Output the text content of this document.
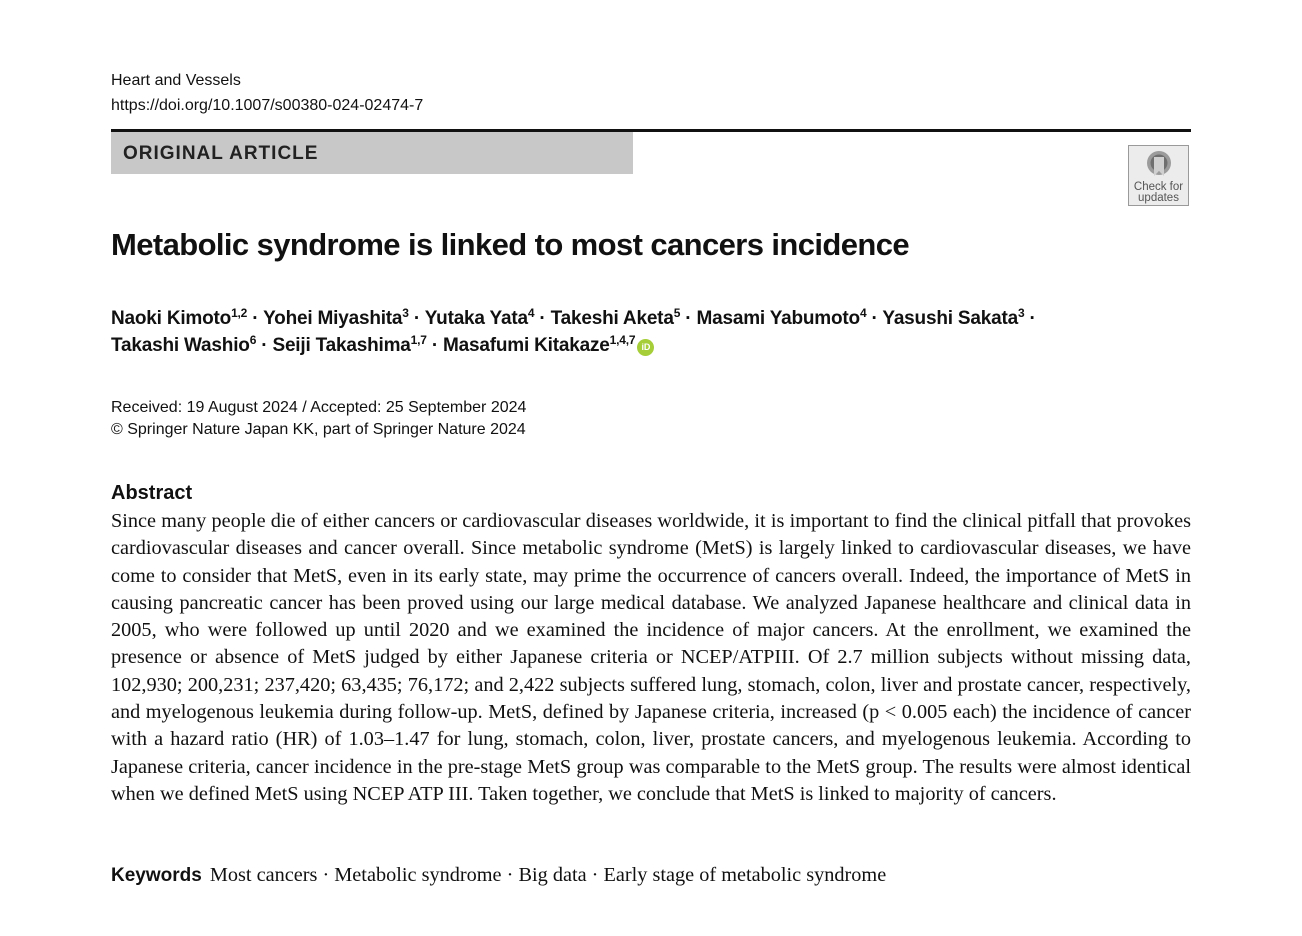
Heart and Vessels
https://doi.org/10.1007/s00380-024-02474-7
ORIGINAL ARTICLE
Check for
updates
Metabolic syndrome is linked to most cancers incidence
Naoki Kimoto$^{1,2}$ · Yohei Miyashita$^3$ · Yutaka Yata$^4$ · Takeshi Aketa$^5$ · Masami Yabumoto$^4$ · Yasushi Sakata$^3$ ·
Takashi Washio$^6$ · Seiji Takashima$^{1,7}$ · Masafumi Kitakaze$^{1,4,7}$ iD
Received: 19 August 2024 / Accepted: 25 September 2024
© Springer Nature Japan KK, part of Springer Nature 2024
Abstract

Since many people die of either cancers or cardiovascular diseases worldwide, it is important to find the clinical pitfall that provokes cardiovascular diseases and cancer overall. Since metabolic syndrome (MetS) is largely linked to cardiovascular diseases, we have come to consider that MetS, even in its early state, may prime the occurrence of cancers overall. Indeed, the importance of MetS in causing pancreatic cancer has been proved using our large medical database. We analyzed Japanese healthcare and clinical data in 2005, who were followed up until 2020 and we examined the incidence of major cancers. At the enrollment, we examined the presence or absence of MetS judged by either Japanese criteria or NCEP/ATPIII. Of 2.7 million subjects without missing data, 102,930; 200,231; 237,420; 63,435; 76,172; and 2,422 subjects suffered lung, stomach, colon, liver and prostate cancer, respectively, and myelogenous leukemia during follow-up. MetS, defined by Japanese criteria, increased (p < 0.005 each) the incidence of cancer with a hazard ratio (HR) of 1.03–1.47 for lung, stomach, colon, liver, prostate cancers, and myelogenous leukemia. According to Japanese criteria, cancer incidence in the pre-stage MetS group was comparable to the MetS group. The results were almost identical when we defined MetS using NCEP ATP III. Taken together, we conclude that MetS is linked to majority of cancers.

Keywords Most cancers · Metabolic syndrome · Big data · Early stage of metabolic syndrome
